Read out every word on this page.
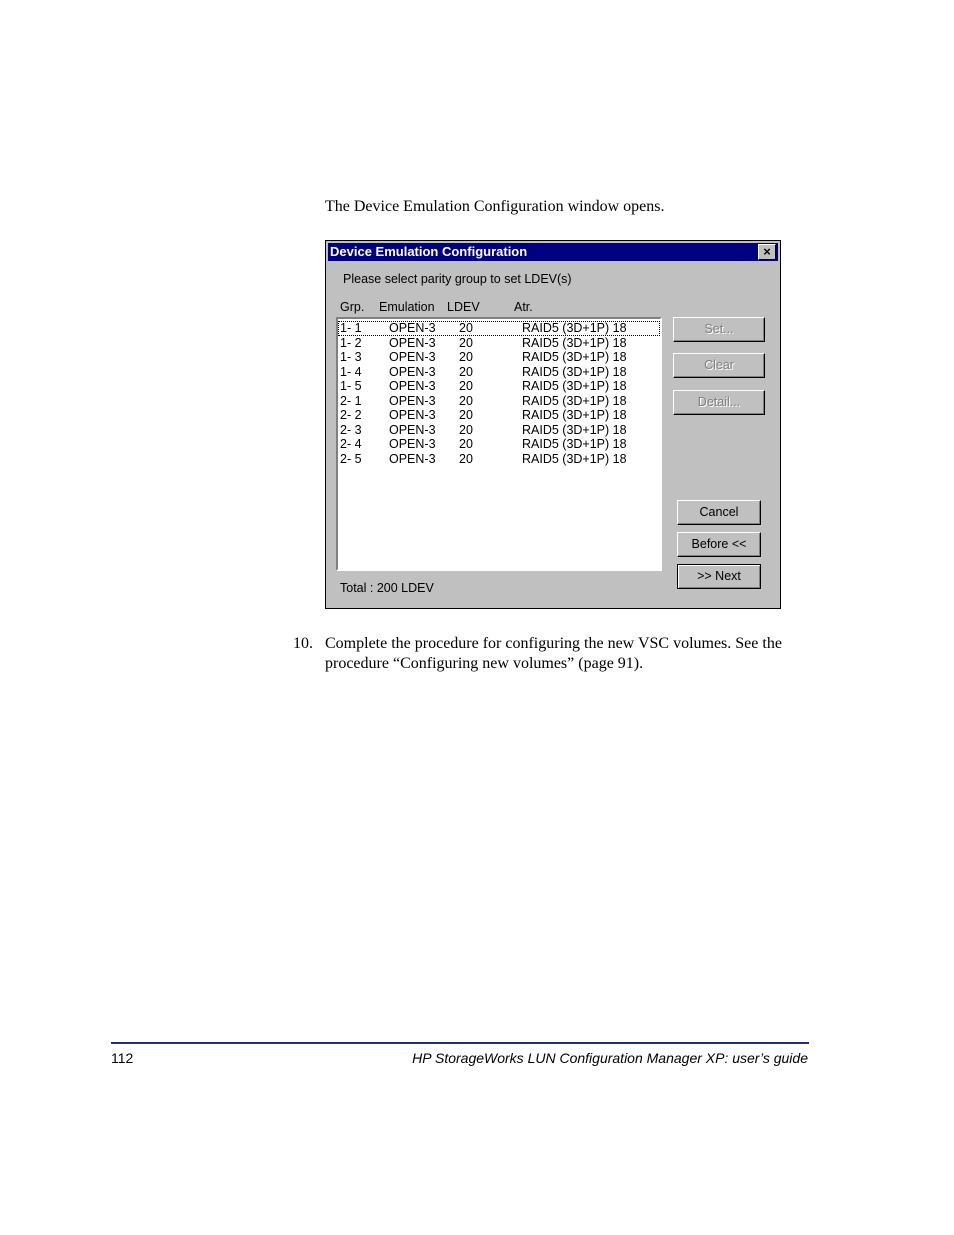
The Device Emulation Configuration window opens.
Device Emulation Configuration	×
Please select parity group to set LDEV(s)
Grp. Emulation LDEV	Atr.
1- 1 OPEN-3 20	RAID5 (3D+1P) 18
1- 2 OPEN-3 20	RAID5 (3D+1P) 18
1- 3 OPEN-3 20	RAID5 (3D+1P) 18
1- 4 OPEN-3 20	RAID5 (3D+1P) 18
1- 5 OPEN-3 20	RAID5 (3D+1P) 18
2- 1 OPEN-3 20	RAID5 (3D+1P) 18
2- 2 OPEN-3 20	RAID5 (3D+1P) 18
2- 3 OPEN-3 20	RAID5 (3D+1P) 18
2- 4 OPEN-3 20	RAID5 (3D+1P) 18
2- 5 OPEN-3 20	RAID5 (3D+1P) 18
Set...
Clear
Detail...
Cancel
Before <<
>> Next
Total : 200 LDEV
10. Complete the procedure for configuring the new VSC volumes. See the procedure “Configuring new volumes” (page 91).
112	HP StorageWorks LUN Configuration Manager XP: user’s guide
